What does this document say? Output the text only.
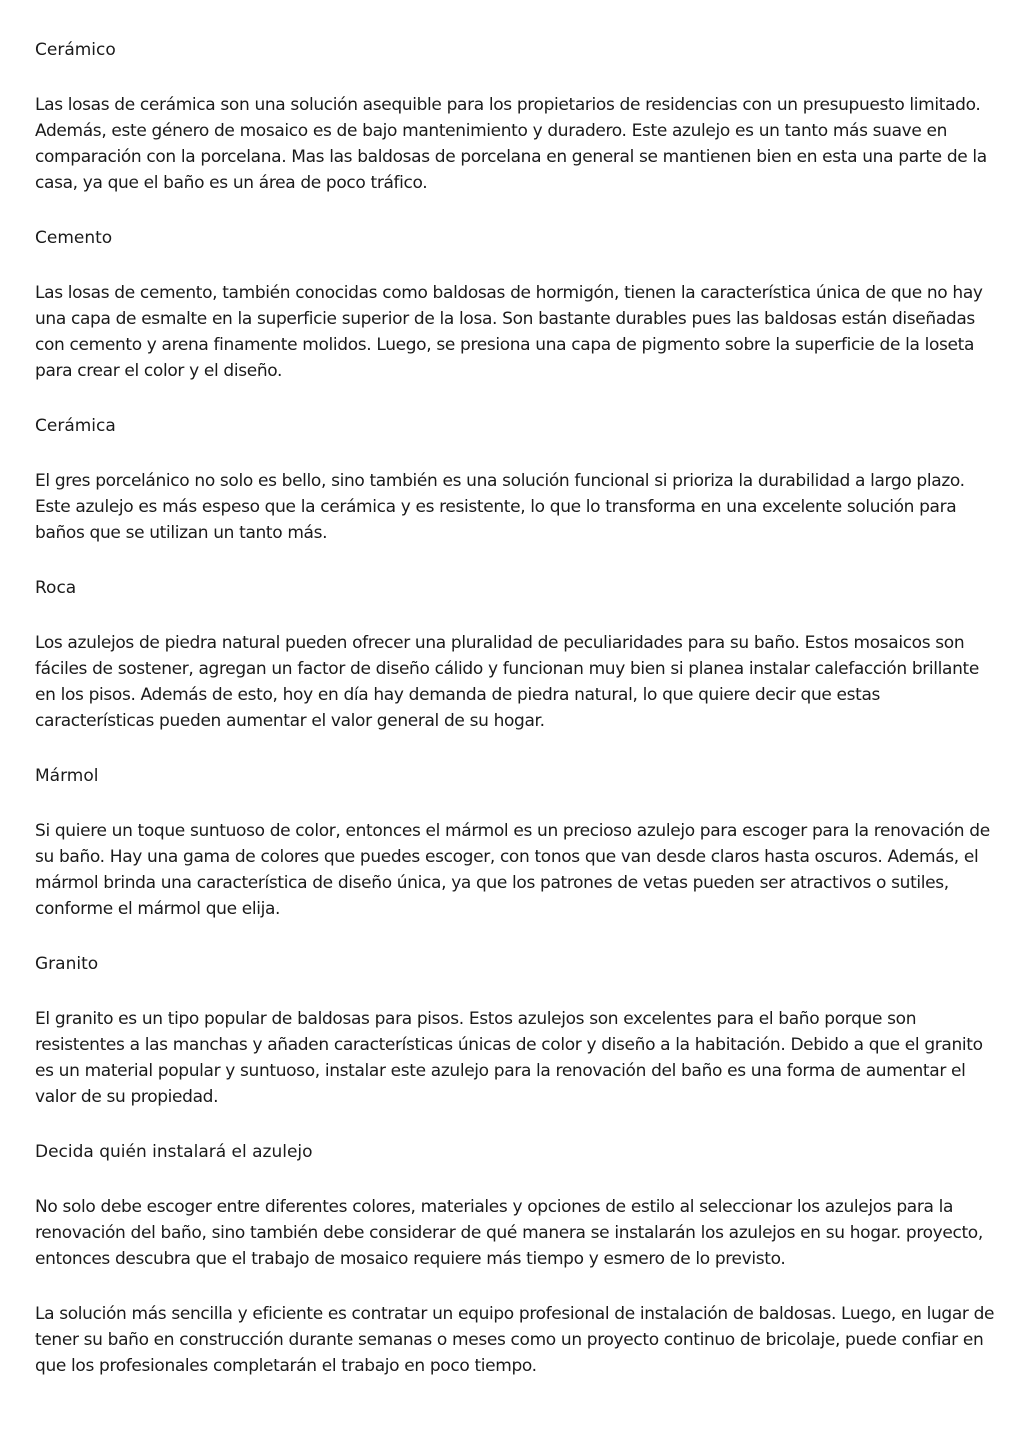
Cerámico

Las losas de cerámica son una solución asequible para los propietarios de residencias con un presupuesto limitado. Además, este género de mosaico es de bajo mantenimiento y duradero. Este azulejo es un tanto más suave en comparación con la porcelana. Mas las baldosas de porcelana en general se mantienen bien en esta una parte de la casa, ya que el baño es un área de poco tráfico.

Cemento

Las losas de cemento, también conocidas como baldosas de hormigón, tienen la característica única de que no hay una capa de esmalte en la superficie superior de la losa. Son bastante durables pues las baldosas están diseñadas con cemento y arena finamente molidos. Luego, se presiona una capa de pigmento sobre la superficie de la loseta para crear el color y el diseño.

Cerámica

El gres porcelánico no solo es bello, sino también es una solución funcional si prioriza la durabilidad a largo plazo. Este azulejo es más espeso que la cerámica y es resistente, lo que lo transforma en una excelente solución para baños que se utilizan un tanto más.

Roca

Los azulejos de piedra natural pueden ofrecer una pluralidad de peculiaridades para su baño. Estos mosaicos son fáciles de sostener, agregan un factor de diseño cálido y funcionan muy bien si planea instalar calefacción brillante en los pisos. Además de esto, hoy en día hay demanda de piedra natural, lo que quiere decir que estas características pueden aumentar el valor general de su hogar.

Mármol

Si quiere un toque suntuoso de color, entonces el mármol es un precioso azulejo para escoger para la renovación de su baño. Hay una gama de colores que puedes escoger, con tonos que van desde claros hasta oscuros. Además, el mármol brinda una característica de diseño única, ya que los patrones de vetas pueden ser atractivos o sutiles, conforme el mármol que elija.

Granito

El granito es un tipo popular de baldosas para pisos. Estos azulejos son excelentes para el baño porque son resistentes a las manchas y añaden características únicas de color y diseño a la habitación. Debido a que el granito es un material popular y suntuoso, instalar este azulejo para la renovación del baño es una forma de aumentar el valor de su propiedad.

Decida quién instalará el azulejo

No solo debe escoger entre diferentes colores, materiales y opciones de estilo al seleccionar los azulejos para la renovación del baño, sino también debe considerar de qué manera se instalarán los azulejos en su hogar. proyecto, entonces descubra que el trabajo de mosaico requiere más tiempo y esmero de lo previsto.

La solución más sencilla y eficiente es contratar un equipo profesional de instalación de baldosas. Luego, en lugar de tener su baño en construcción durante semanas o meses como un proyecto continuo de bricolaje, puede confiar en que los profesionales completarán el trabajo en poco tiempo.
